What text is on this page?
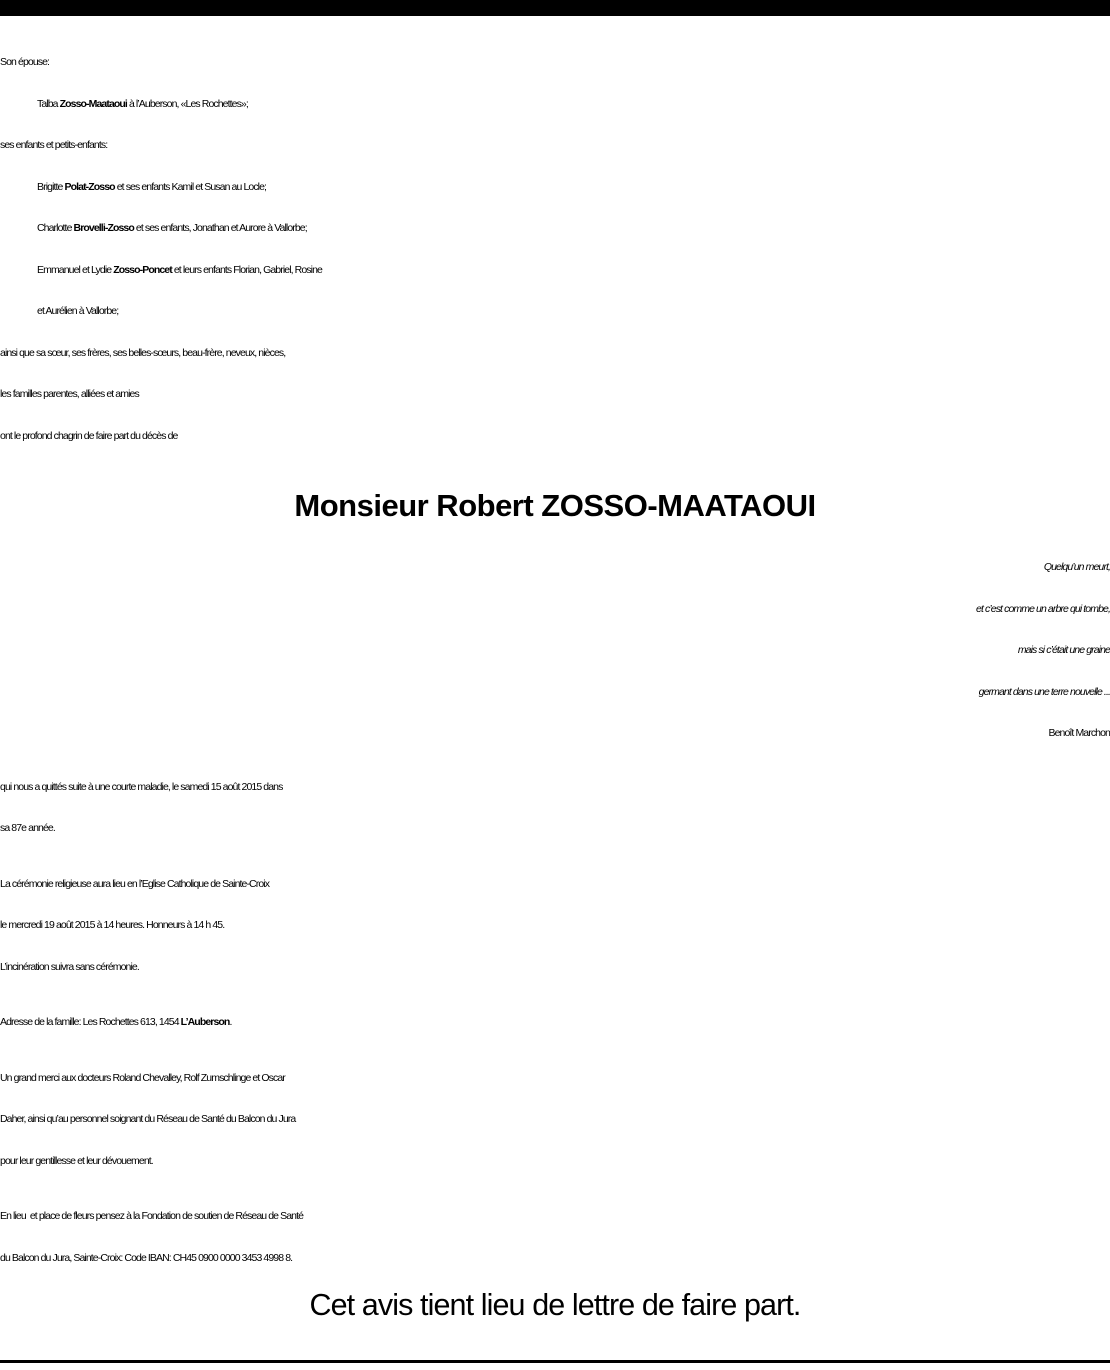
Son épouse:
Talba Zosso-Maataoui à l’Auberson, «Les Rochettes»;
ses enfants et petits-enfants:
Brigitte Polat-Zosso et ses enfants Kamil et Susan au Locle;
Charlotte Brovelli-Zosso et ses enfants, Jonathan et Aurore à Vallorbe;
Emmanuel et Lydie Zosso-Poncet et leurs enfants Florian, Gabriel, Rosine
et Aurélien à Vallorbe;
ainsi que sa sœur, ses frères, ses belles-sœurs, beau-frère, neveux, nièces,
les familles parentes, alliées et amies
ont le profond chagrin de faire part du décès de
Monsieur Robert ZOSSO-MAATAOUI
Quelqu’un meurt,
et c’est comme un arbre qui tombe,
mais si c’était une graine
germant dans une terre nouvelle ...
Benoît Marchon
qui nous a quittés suite à une courte maladie, le samedi 15 août 2015 dans
sa 87e année.
La cérémonie religieuse aura lieu en l’Eglise Catholique de Sainte-Croix
le mercredi 19 août 2015 à 14 heures. Honneurs à 14 h 45.
L’incinération suivra sans cérémonie.
Adresse de la famille: Les Rochettes 613, 1454 L’Auberson.
Un grand merci aux docteurs Roland Chevalley, Rolf Zumschlinge et Oscar
Daher, ainsi qu’au personnel soignant du Réseau de Santé du Balcon du Jura
pour leur gentillesse et leur dévouement.
En lieu  et place de fleurs pensez à la Fondation de soutien de Réseau de Santé
du Balcon du Jura, Sainte-Croix: Code IBAN: CH45 0900 0000 3453 4998 8.
Cet avis tient lieu de lettre de faire part.
